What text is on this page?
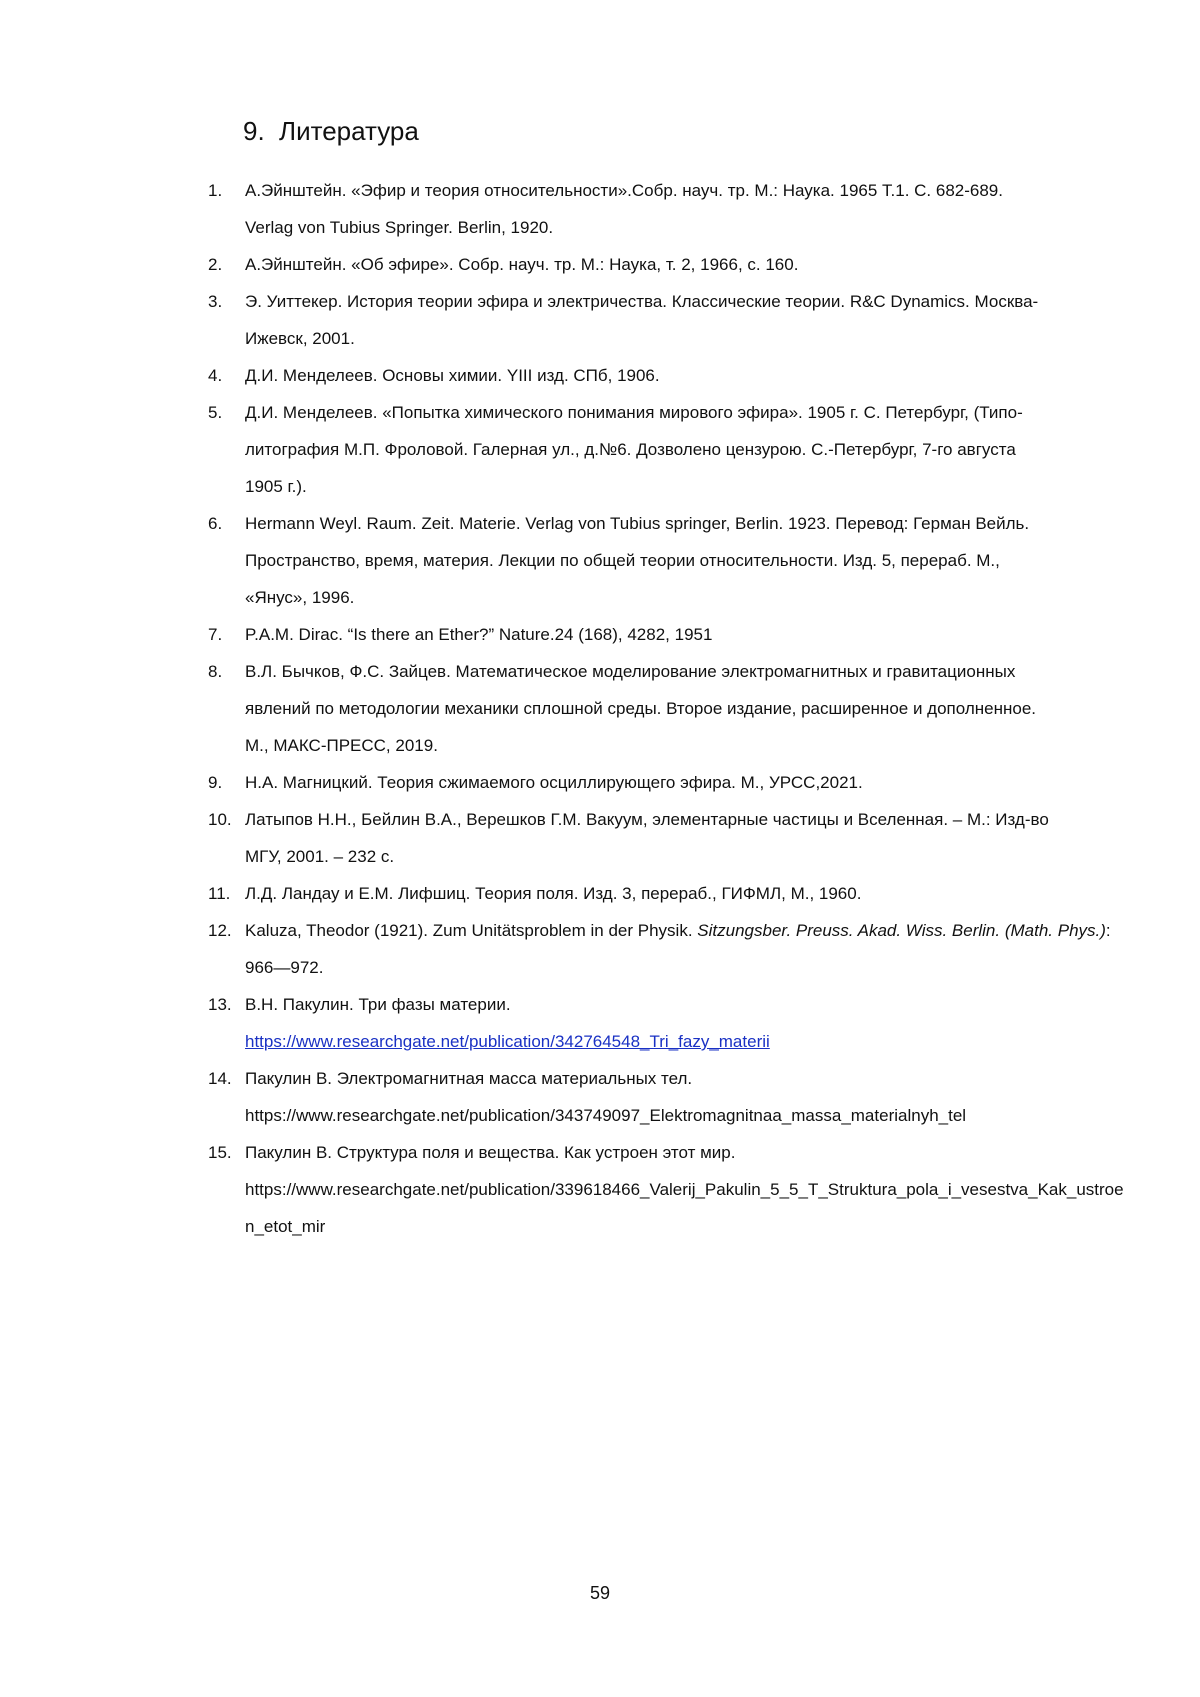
9. Литература
1. А.Эйнштейн. «Эфир и теория относительности».Собр. науч. тр. М.: Наука. 1965 Т.1. С. 682-689.
Verlag von Tubius Springer. Berlin, 1920.
2. А.Эйнштейн. «Об эфире». Собр. науч. тр. М.: Наука, т. 2, 1966, с. 160.
3. Э. Уиттекер. История теории эфира и электричества. Классические теории. R&C Dynamics. Москва-
Ижевск, 2001.
4. Д.И. Менделеев. Основы химии. YIII изд. СПб, 1906.
5. Д.И. Менделеев. «Попытка химического понимания мирового эфира». 1905 г. С. Петербург, (Типо-
литография М.П. Фроловой. Галерная ул., д.№6. Дозволено цензурою. С.-Петербург, 7-го августа
1905 г.).
6. Hermann Weyl. Raum. Zeit. Materie. Verlag von Tubius springer, Berlin. 1923. Перевод: Герман Вейль.
Пространство, время, материя. Лекции по общей теории относительности. Изд. 5, перераб. М.,
«Янус», 1996.
7. P.A.M. Dirac. “Is there an Ether?” Nature.24 (168), 4282, 1951
8. В.Л. Бычков, Ф.С. Зайцев. Математическое моделирование электромагнитных и гравитационных
явлений по методологии механики сплошной среды. Второе издание, расширенное и дополненное.
М., МАКС-ПРЕСС, 2019.
9. Н.А. Магницкий. Теория сжимаемого осциллирующего эфира. М., УРСС,2021.
10. Латыпов Н.Н., Бейлин В.А., Верешков Г.М. Вакуум, элементарные частицы и Вселенная. – М.: Изд-во
МГУ, 2001. – 232 с.
11. Л.Д. Ландау и Е.М. Лифшиц. Теория поля. Изд. 3, перераб., ГИФМЛ, М., 1960.
12. Kaluza, Theodor (1921). Zum Unitätsproblem in der Physik. Sitzungsber. Preuss. Akad. Wiss. Berlin. (Math. Phys.): 966—972.
13. В.Н. Пакулин. Три фазы материи.
https://www.researchgate.net/publication/342764548_Tri_fazy_materii
14. Пакулин В. Электромагнитная масса материальных тел.
https://www.researchgate.net/publication/343749097_Elektromagnitnaa_massa_materialnyh_tel
15. Пакулин В. Структура поля и вещества. Как устроен этот мир.
https://www.researchgate.net/publication/339618466_Valerij_Pakulin_5_5_T_Struktura_pola_i_vesestva_Kak_ustroen_etot_mir
59
